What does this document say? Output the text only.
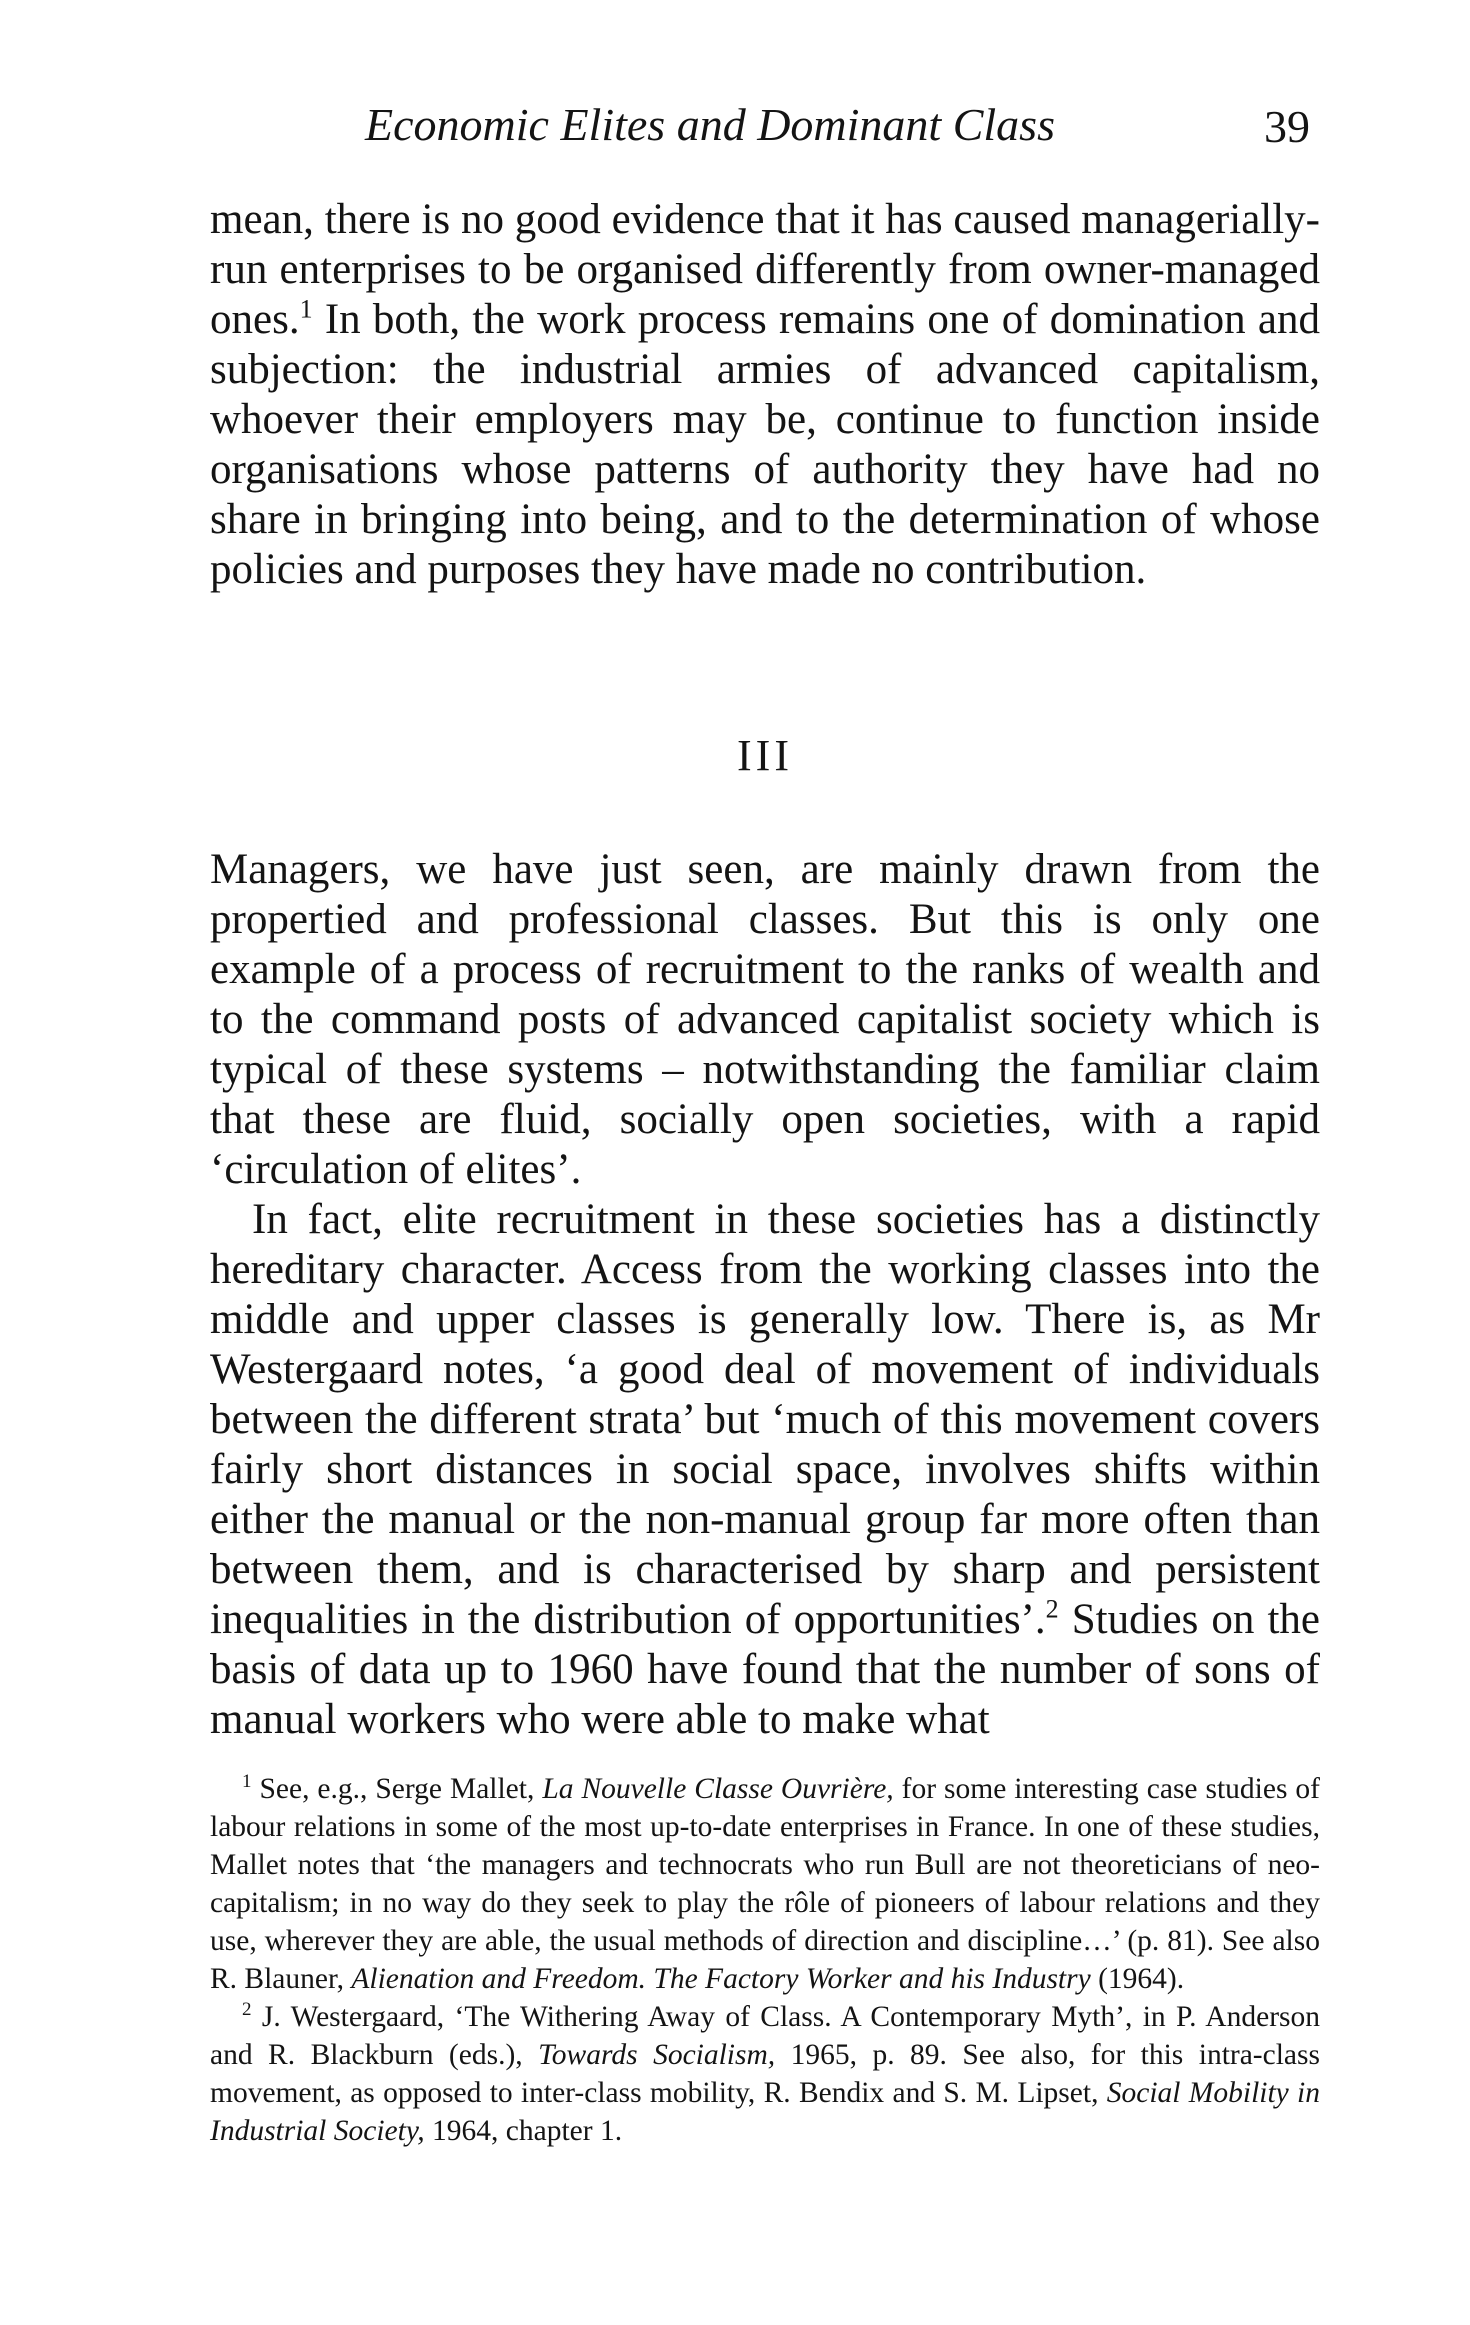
Economic Elites and Dominant Class	39

mean, there is no good evidence that it has caused managerially-run enterprises to be organised differently from owner-managed ones.$^1$ In both, the work process remains one of domination and subjection: the industrial armies of advanced capitalism, whoever their employers may be, continue to function inside organisations whose patterns of authority they have had no share in bringing into being, and to the determination of whose policies and purposes they have made no contribution.

III

Managers, we have just seen, are mainly drawn from the propertied and professional classes. But this is only one example of a process of recruitment to the ranks of wealth and to the command posts of advanced capitalist society which is typical of these systems – notwithstanding the familiar claim that these are fluid, socially open societies, with a rapid ‘circulation of elites’.

In fact, elite recruitment in these societies has a distinctly hereditary character. Access from the working classes into the middle and upper classes is generally low. There is, as Mr Westergaard notes, ‘a good deal of movement of individuals between the different strata’ but ‘much of this movement covers fairly short distances in social space, involves shifts within either the manual or the non-manual group far more often than between them, and is characterised by sharp and persistent inequalities in the distribution of opportunities’.$^2$ Studies on the basis of data up to 1960 have found that the number of sons of manual workers who were able to make what

$^1$ See, e.g., Serge Mallet, La Nouvelle Classe Ouvrière, for some interesting case studies of labour relations in some of the most up-to-date enterprises in France. In one of these studies, Mallet notes that ‘the managers and technocrats who run Bull are not theoreticians of neo-capitalism; in no way do they seek to play the rôle of pioneers of labour relations and they use, wherever they are able, the usual methods of direction and discipline…’ (p. 81). See also R. Blauner, Alienation and Freedom. The Factory Worker and his Industry (1964).

$^2$ J. Westergaard, ‘The Withering Away of Class. A Contemporary Myth’, in P. Anderson and R. Blackburn (eds.), Towards Socialism, 1965, p. 89. See also, for this intra-class movement, as opposed to inter-class mobility, R. Bendix and S. M. Lipset, Social Mobility in Industrial Society, 1964, chapter 1.
